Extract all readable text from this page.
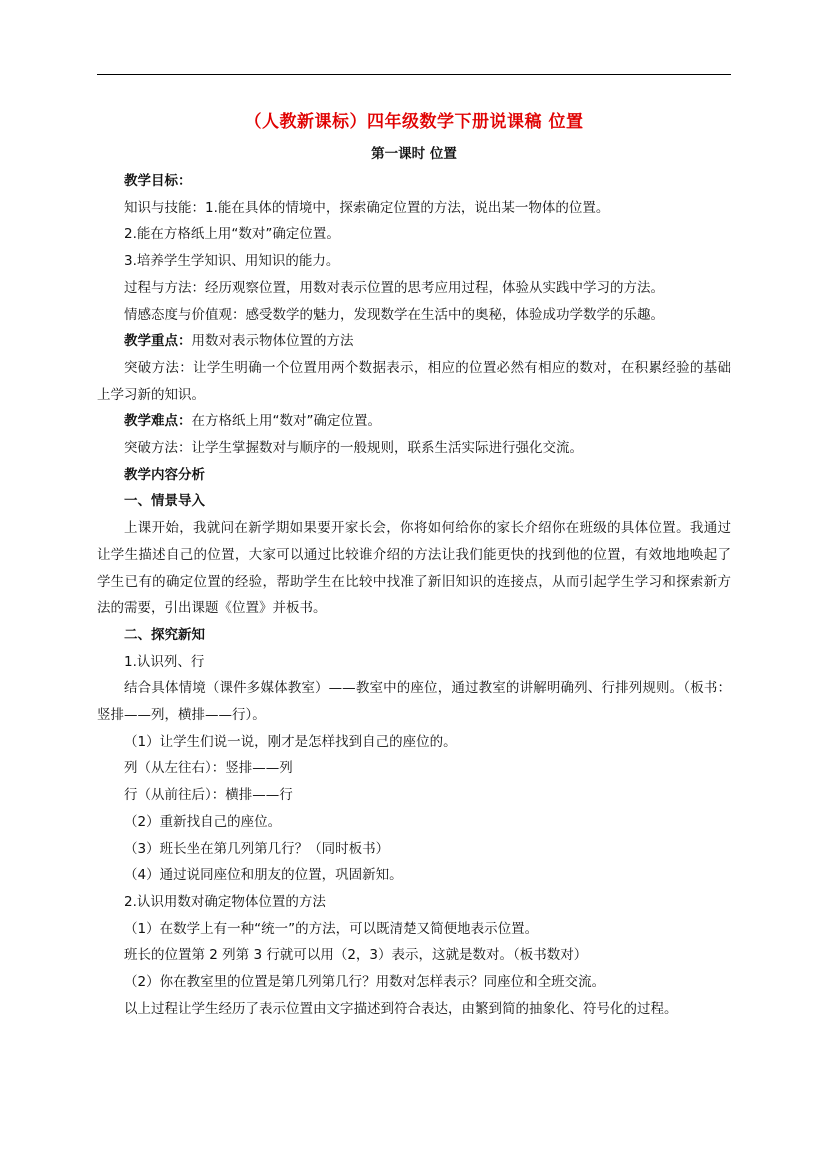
（人教新课标）四年级数学下册说课稿 位置

第一课时 位置

教学目标：

知识与技能：1.能在具体的情境中，探索确定位置的方法，说出某一物体的位置。

2.能在方格纸上用“数对”确定位置。

3.培养学生学知识、用知识的能力。

过程与方法：经历观察位置，用数对表示位置的思考应用过程，体验从实践中学习的方法。

情感态度与价值观：感受数学的魅力，发现数学在生活中的奥秘，体验成功学数学的乐趣。

教学重点：用数对表示物体位置的方法

突破方法：让学生明确一个位置用两个数据表示，相应的位置必然有相应的数对，在积累经验的基础上学习新的知识。

教学难点：在方格纸上用“数对”确定位置。

突破方法：让学生掌握数对与顺序的一般规则，联系生活实际进行强化交流。

教学内容分析

一、情景导入

上课开始，我就问在新学期如果要开家长会，你将如何给你的家长介绍你在班级的具体位置。我通过让学生描述自己的位置，大家可以通过比较谁介绍的方法让我们能更快的找到他的位置，有效地地唤起了学生已有的确定位置的经验，帮助学生在比较中找准了新旧知识的连接点，从而引起学生学习和探索新方法的需要，引出课题《位置》并板书。

二、探究新知

1.认识列、行

结合具体情境（课件多媒体教室）——教室中的座位，通过教室的讲解明确列、行排列规则。（板书：竖排——列，横排——行）。

（1）让学生们说一说，刚才是怎样找到自己的座位的。

列（从左往右）：竖排——列

行（从前往后）：横排——行

（2）重新找自己的座位。

（3）班长坐在第几列第几行？（同时板书）

（4）通过说同座位和朋友的位置，巩固新知。

2.认识用数对确定物体位置的方法

（1）在数学上有一种“统一”的方法，可以既清楚又简便地表示位置。

班长的位置第 2 列第 3 行就可以用（2，3）表示，这就是数对。（板书数对）

（2）你在教室里的位置是第几列第几行？用数对怎样表示？同座位和全班交流。

以上过程让学生经历了表示位置由文字描述到符合表达，由繁到简的抽象化、符号化的过程。
